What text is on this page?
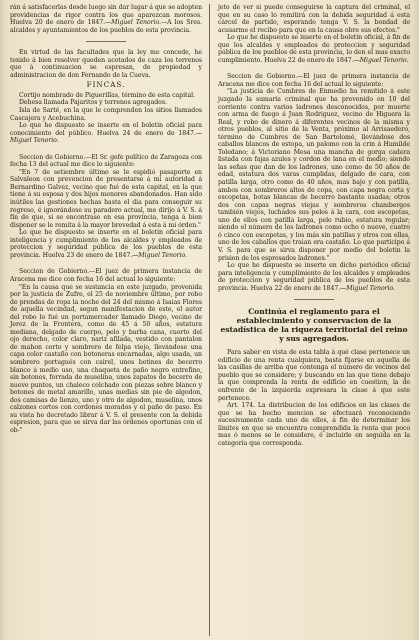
rán á satisfacerlas desde luego sin dar lugar á que se adopten providencias de rigor contra los que aparezcan morosos. Huelva 20 de enero de 1847.—Miguel Tenorio.—A los Sres. alcaldes y ayuntamientos de los pueblos de esta provincia.

En virtud de las facultades que la ley me concede, he tenido á bien resolver queden acotados de caza los terrenos que á continuacion se espresan, de propiedad y administracion de don Fernando de la Cueva.

FINCAS.

Cortijo nombrado de Piguerillas, término de esta capital.

Dehesa llamada Pajaritos y terrenos agregados.

Isla de Sarté, en la que le comprenden los sitios llamados Cascajera y Acebuchina.

Lo que he dispuesto se inserte en el boletin oficial para conocimiento del público. Huelva 24 de enero de 1847.—Miguel Tenorio.

Seccion de Gobierno.—El Sr. gefe político de Zaragoza con fecha 13 del actual me dice lo siguiente:

"En 7 de setiembre último se le espidió pasaporte en Salvaleon con prevencion de presentarse á mi autoridad á Bernardino Galvez, vecino que fué de esta capital, en la que tiene á su esposa y dos hijos menores abandonados. Han sido inútiles las gestiones hechas hasta el dia para conseguir su regreso, é ignorándose su paradero actual, me dirijo á V. S. á fin de que, si se encontrase en esa provincia, tenga á bien disponer se le remita á la mayor brevedad á esta á mi órden."

Lo que he dispuesto se inserte en el boletin oficial para inteligencia y cumplimiento de los alcaldes y empleados de proteccion y seguridad pública de los pueblos de esta provincia. Huelva 23 de enero de 1847.—Miguel Tenorio.

Seccion de Gobierno.—El juez de primera instancia de Aracena me dice con fecha 16 del actual lo siguiente:

"En la causa que se sustancia en este juzgado, provenida por la justicia de Zufre, el 25 de noviembre último, por robo de prendas de ropa la noche del 24 del mismo á Isaias Flores de aquella vecindad, segun manifestacion de este, el autor del robo lo fué un portamercader llamado Diego, vecino de Jerez de la Frontera, como de 45 á 50 años, estatura mediana, delgado de cuerpo, pelo y barba cana, cuerto del ojo derecho, color claro, nariz afilada, vestido con pantalon de mahon corto y sombrero de felpa viejo, llevándose una capa color castaño con botoneras encarnadas, algo usada, un sombrero portugués con cairel, unos botines de becerro blanco á medio uso, una chaqueta de paño negro entrefino, sin botones, forrada de muselina, unos zapatos de becerro de nueve puntos, un chaleco colchado con piezas sobre blanco y botones de metal amarillo, unas medias sin pie de algodon, dos camisas de lienzo, uno y otro de algodon, muselina, unos calzones cortos con cordones morados y el paño de paso. En su vista he decretado librar á V. S. el presente con la debida espresion, para que se sirva dar las órdenes oportunas con el ob-"

jeto de ver si puede conseguirse la captura del criminal, el que en su caso lo remitirá con la debida seguridad á esta cárcel de partido, esperando tenga V. S. la bondad de acusarme el recibo para que en la causa obre sus efectos."

Lo que he dispuesto se inserte en el boletin oficial, á fin de que los alcaldes y empleados de proteccion y seguridad pública de los pueblos de esta provincia, lo den el mas exacto cumplimiento. Huelva 22 de enero de 1847.—Miguel Tenorio.

Seccion de Gobierno.—El juez de primera instancia de Aracena me dice con fecha 16 del actual lo siguiente:

"La justicia de Cumbres de Enmedio ha remitido á este juzgado la sumaria criminal que ha prevenido en 10 del corriente contra varios ladrones desconocidos, por muerte con arma de fuego á Juan Rodriguez, vecino de Higuera la Real, y robo de dinero á diferentes vecinos de la misma y otros pueblos, al sitio de la Venta, próximo al Arrisaedero, término de Cumbres de San Bartolomé, llevándose dos caballos blancos de estopa, un palomo con la crin á Humilde Toledano; á Victoriano Mesa una mancha de gorga cadera listada con fajas azules y cordon de lana en el medio; siendo las señas que dan de los ladrones, uno como de 50 años de edad, estatura dos varas cumplidas, delgado de cara, con patilla larga, otro como de 40 años, mas bajo y con patilla, ambos con sombreros altos de copa, con capa negra corta y escopetas, botas blancas de becerro bastante usadas; otros dos con capas negras viejas y sombreros chambergos también viejos, luchados sus pelos á la cara, con escopetas, uno de ellos con patilla larga, pelo rubio, estatura regular; siendo el número de los ladrones como ocho ó nueve, cuatro ó cinco con escopetas, y los más sin patillas y otros con ellas, uno de los caballos que traian era castaño. Lo que participo á V. S. para que se sirva disponer por medio del boletin la prision de los espresados ladrones."

Lo que he dispuesto se inserte en dicho periódico oficial para inteligencia y cumplimiento de los alcaldes y empleados de proteccion y seguridad pública de los pueblos de esta provincia. Huelva 22 de enero de 1847.—Miguel Tenorio.

Continúa el reglamento para el establecimiento y conservacion de la estadística de la riqueza territorial del reino y sus agregados.

Para saber en vista de esta tabla á qué clase pertenece un edificio de una renta cualquiera, basta fijarse en aquella de las casillas de arriba que contenga el número de vecinos del pueblo que se considere; y buscando en las que tiene debajo la que comprenda la renta de edificio en cuestion, la de enfrente de la izquierda expresara la clase á que este pertenece.

Art. 174. La distribucion de los edificios en las clases de que se ha hecho mencion se efectuará reconociendo sucesivamente cada uno de ellos, á fin de determinar los límites en que se encuentra comprendida la renta que poco mas ó menos se le considere, é incluirle en seguida en la categoría que corresponda.
